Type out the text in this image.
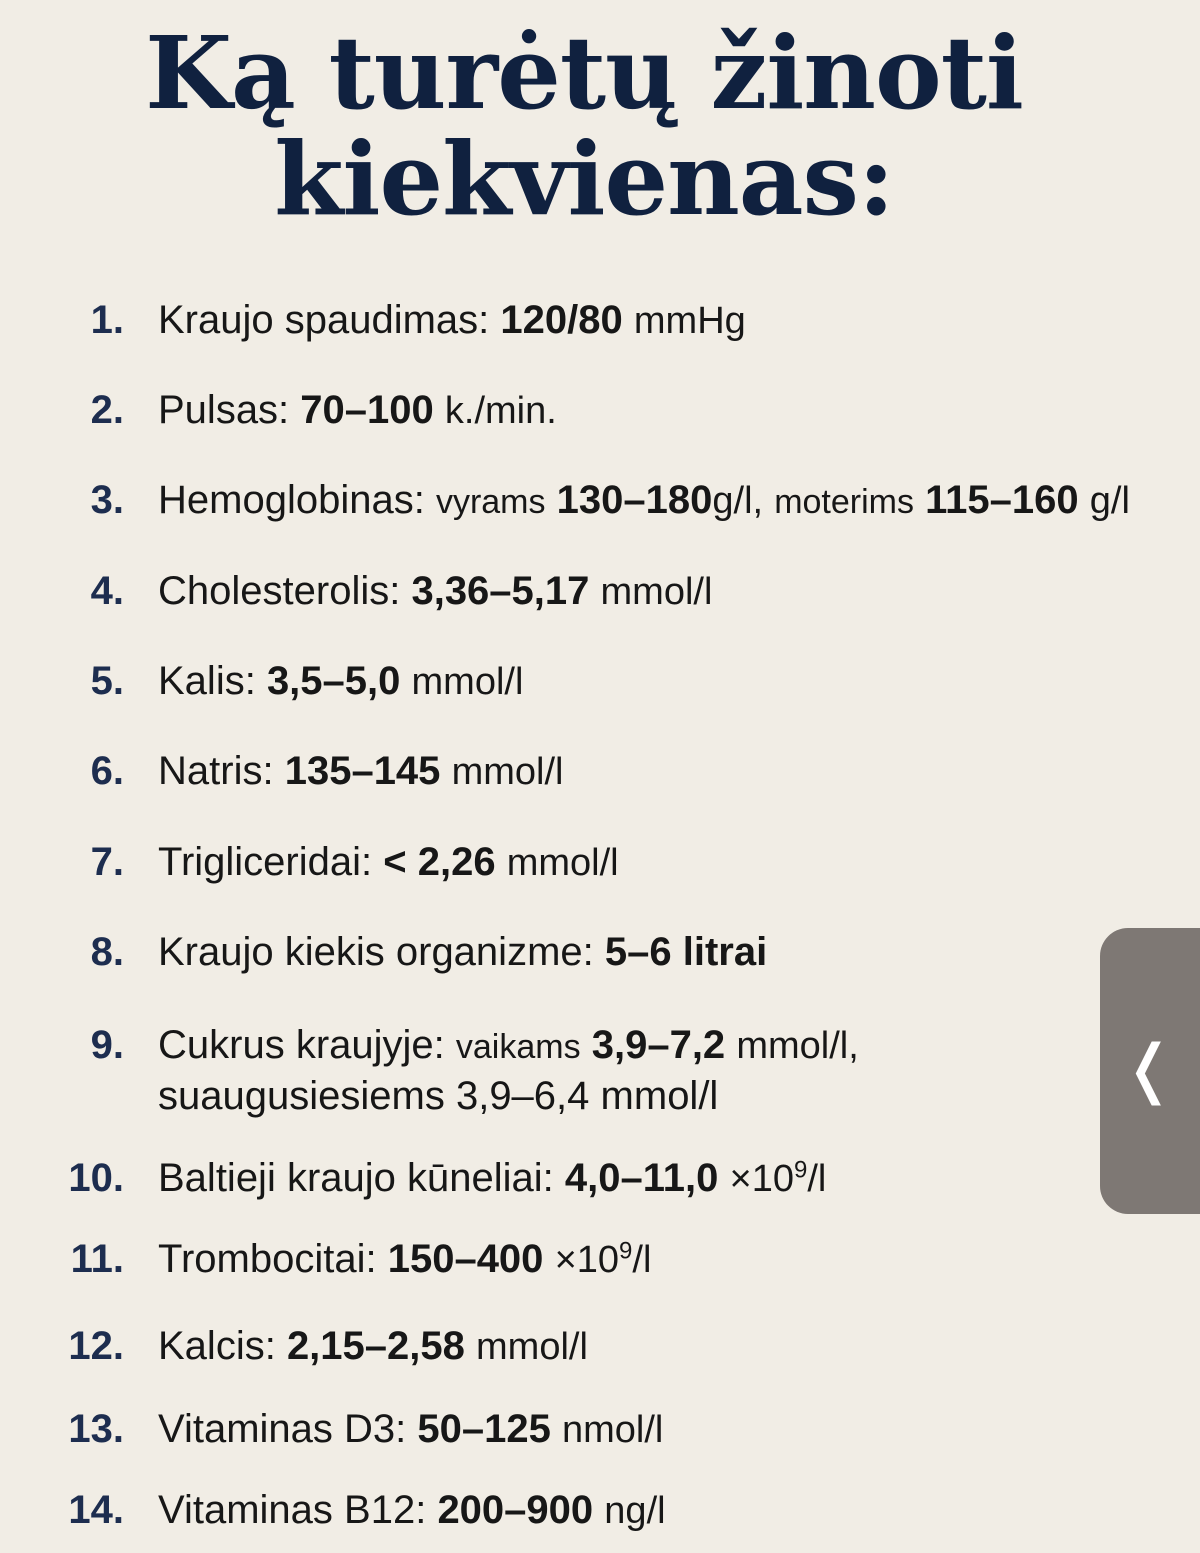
Ką turėtų žinoti
kiekvienas:
1. Kraujo spaudimas: 120/80 mmHg
2. Pulsas: 70–100 k./min.
3. Hemoglobinas: vyrams 130–180g/l, moterims 115–160 g/l
4. Cholesterolis: 3,36–5,17 mmol/l
5. Kalis: 3,5–5,0 mmol/l
6. Natris: 135–145 mmol/l
7. Trigliceridai: < 2,26 mmol/l
8. Kraujo kiekis organizme: 5–6 litrai
9. Cukrus kraujyje: vaikams 3,9–7,2 mmol/l,
suaugusiesiems 3,9–6,4 mmol/l
10. Baltieji kraujo kūneliai: $4,0-11,0 \times 10^9/l$
11. Trombocitai: $150-400 \times 10^9/l$
12. Kalcis: 2,15–2,58 mmol/l
13. Vitaminas D3: 50–125 nmol/l
14. Vitaminas B12: 200–900 ng/l
❬
